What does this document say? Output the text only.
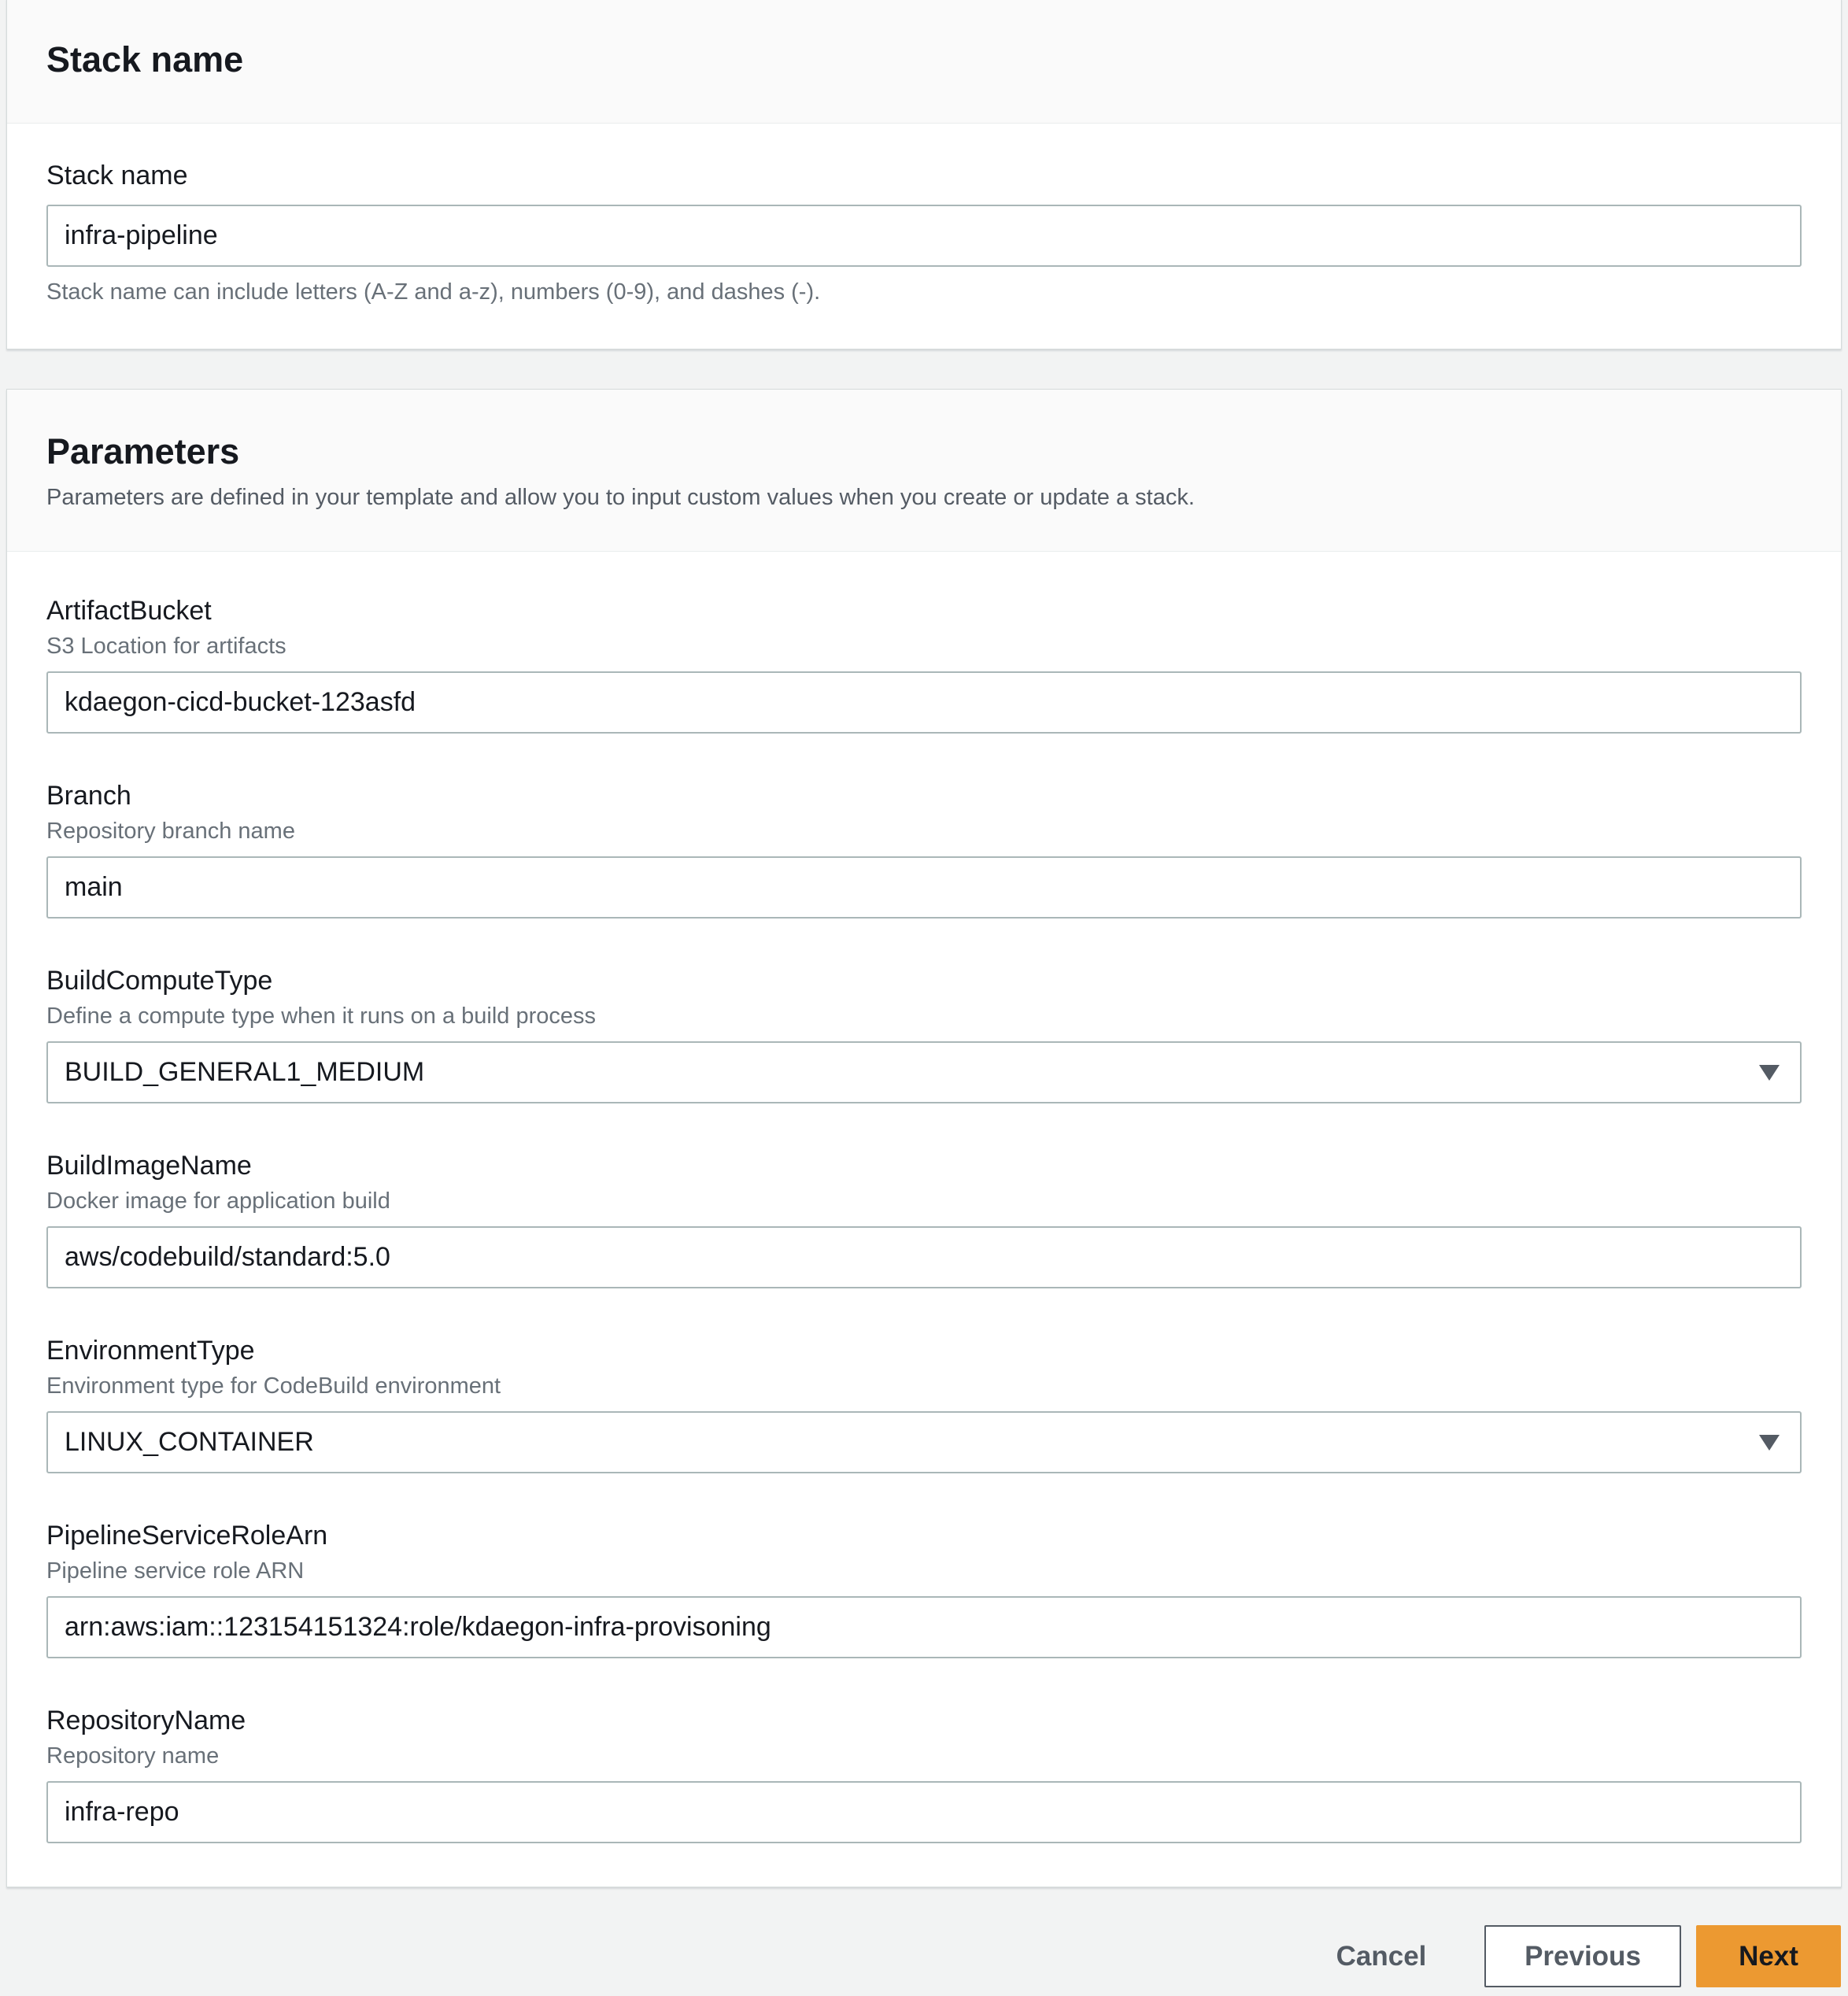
Stack name
Stack name
infra-pipeline
Stack name can include letters (A-Z and a-z), numbers (0-9), and dashes (-).
Parameters
Parameters are defined in your template and allow you to input custom values when you create or update a stack.
ArtifactBucket
S3 Location for artifacts
kdaegon-cicd-bucket-123asfd
Branch
Repository branch name
main
BuildComputeType
Define a compute type when it runs on a build process
BUILD_GENERAL1_MEDIUM
BuildImageName
Docker image for application build
aws/codebuild/standard:5.0
EnvironmentType
Environment type for CodeBuild environment
LINUX_CONTAINER
PipelineServiceRoleArn
Pipeline service role ARN
arn:aws:iam::123154151324:role/kdaegon-infra-provisoning
RepositoryName
Repository name
infra-repo
Cancel	Previous	Next
